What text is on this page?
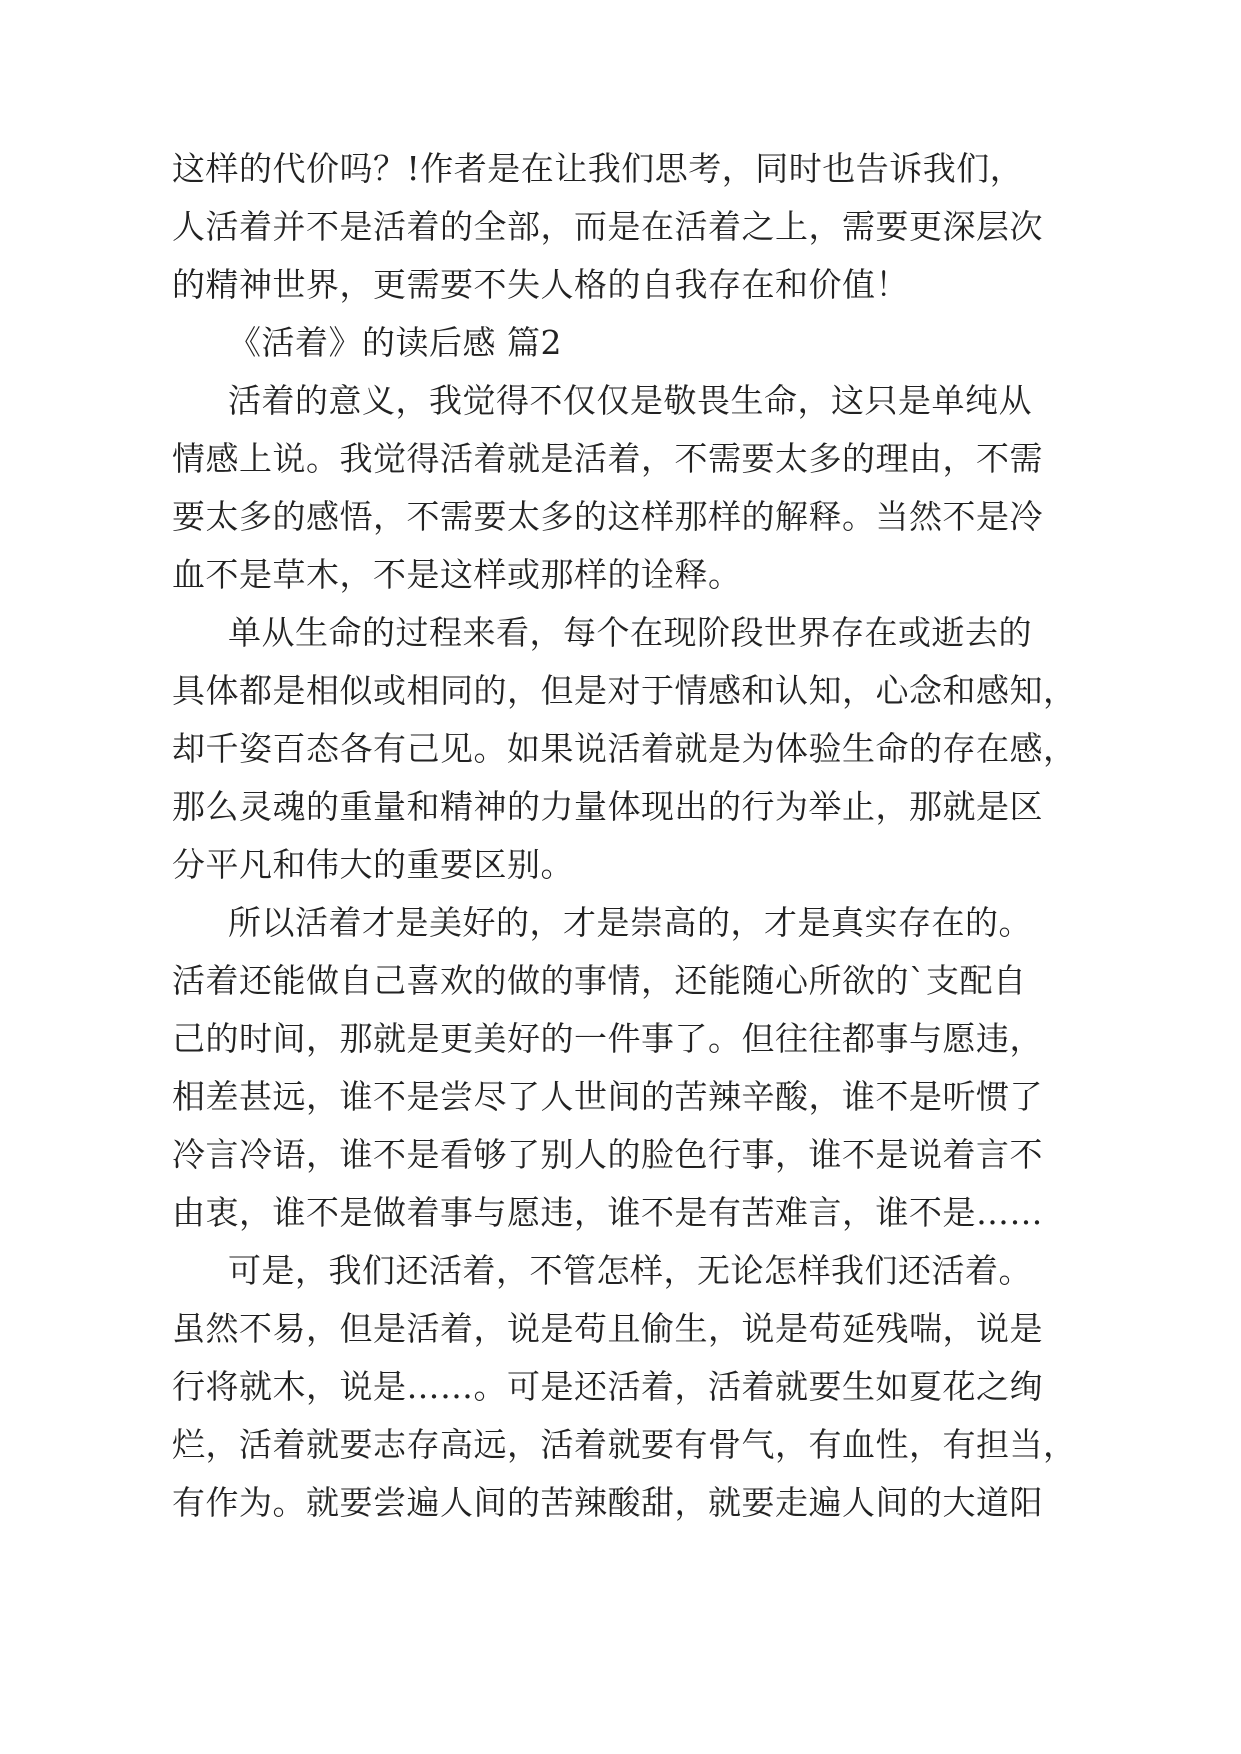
这样的代价吗？!作者是在让我们思考，同时也告诉我们，

人活着并不是活着的全部，而是在活着之上，需要更深层次

的精神世界，更需要不失人格的自我存在和价值！

《活着》的读后感 篇2

活着的意义，我觉得不仅仅是敬畏生命，这只是单纯从

情感上说。我觉得活着就是活着，不需要太多的理由，不需

要太多的感悟，不需要太多的这样那样的解释。当然不是冷

血不是草木，不是这样或那样的诠释。

单从生命的过程来看，每个在现阶段世界存在或逝去的

具体都是相似或相同的，但是对于情感和认知，心念和感知，

却千姿百态各有己见。如果说活着就是为体验生命的存在感，

那么灵魂的重量和精神的力量体现出的行为举止，那就是区

分平凡和伟大的重要区别。

所以活着才是美好的，才是崇高的，才是真实存在的。

活着还能做自己喜欢的做的事情，还能随心所欲的`支配自

己的时间，那就是更美好的一件事了。但往往都事与愿违，

相差甚远，谁不是尝尽了人世间的苦辣辛酸，谁不是听惯了

冷言冷语，谁不是看够了别人的脸色行事，谁不是说着言不

由衷，谁不是做着事与愿违，谁不是有苦难言，谁不是……

可是，我们还活着，不管怎样，无论怎样我们还活着。

虽然不易，但是活着，说是苟且偷生，说是苟延残喘，说是

行将就木，说是……。可是还活着，活着就要生如夏花之绚

烂，活着就要志存高远，活着就要有骨气，有血性，有担当，

有作为。就要尝遍人间的苦辣酸甜，就要走遍人间的大道阳
